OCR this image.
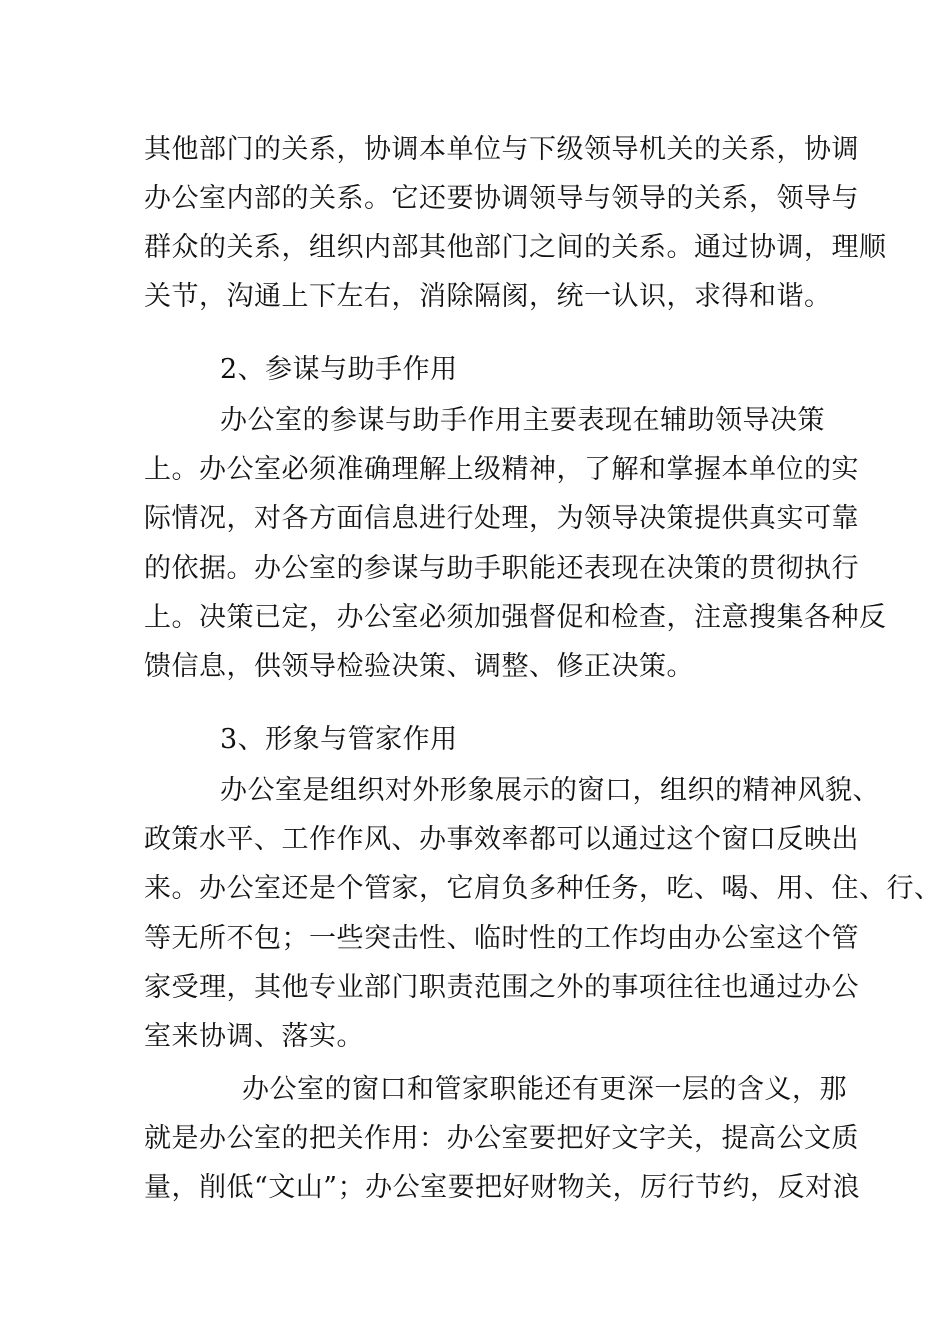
其他部门的关系，协调本单位与下级领导机关的关系，协调
办公室内部的关系。它还要协调领导与领导的关系，领导与
群众的关系，组织内部其他部门之间的关系。通过协调，理顺
关节，沟通上下左右，消除隔阂，统一认识，求得和谐。
2、参谋与助手作用
办公室的参谋与助手作用主要表现在辅助领导决策
上。办公室必须准确理解上级精神，了解和掌握本单位的实
际情况，对各方面信息进行处理，为领导决策提供真实可靠
的依据。办公室的参谋与助手职能还表现在决策的贯彻执行
上。决策已定，办公室必须加强督促和检查，注意搜集各种反
馈信息，供领导检验决策、调整、修正决策。
3、形象与管家作用
办公室是组织对外形象展示的窗口，组织的精神风貌、
政策水平、工作作风、办事效率都可以通过这个窗口反映出
来。办公室还是个管家，它肩负多种任务，吃、喝、用、住、行、
等无所不包；一些突击性、临时性的工作均由办公室这个管
家受理，其他专业部门职责范围之外的事项往往也通过办公
室来协调、落实。
办公室的窗口和管家职能还有更深一层的含义，那
就是办公室的把关作用：办公室要把好文字关，提高公文质
量，削低“文山”；办公室要把好财物关，厉行节约，反对浪
